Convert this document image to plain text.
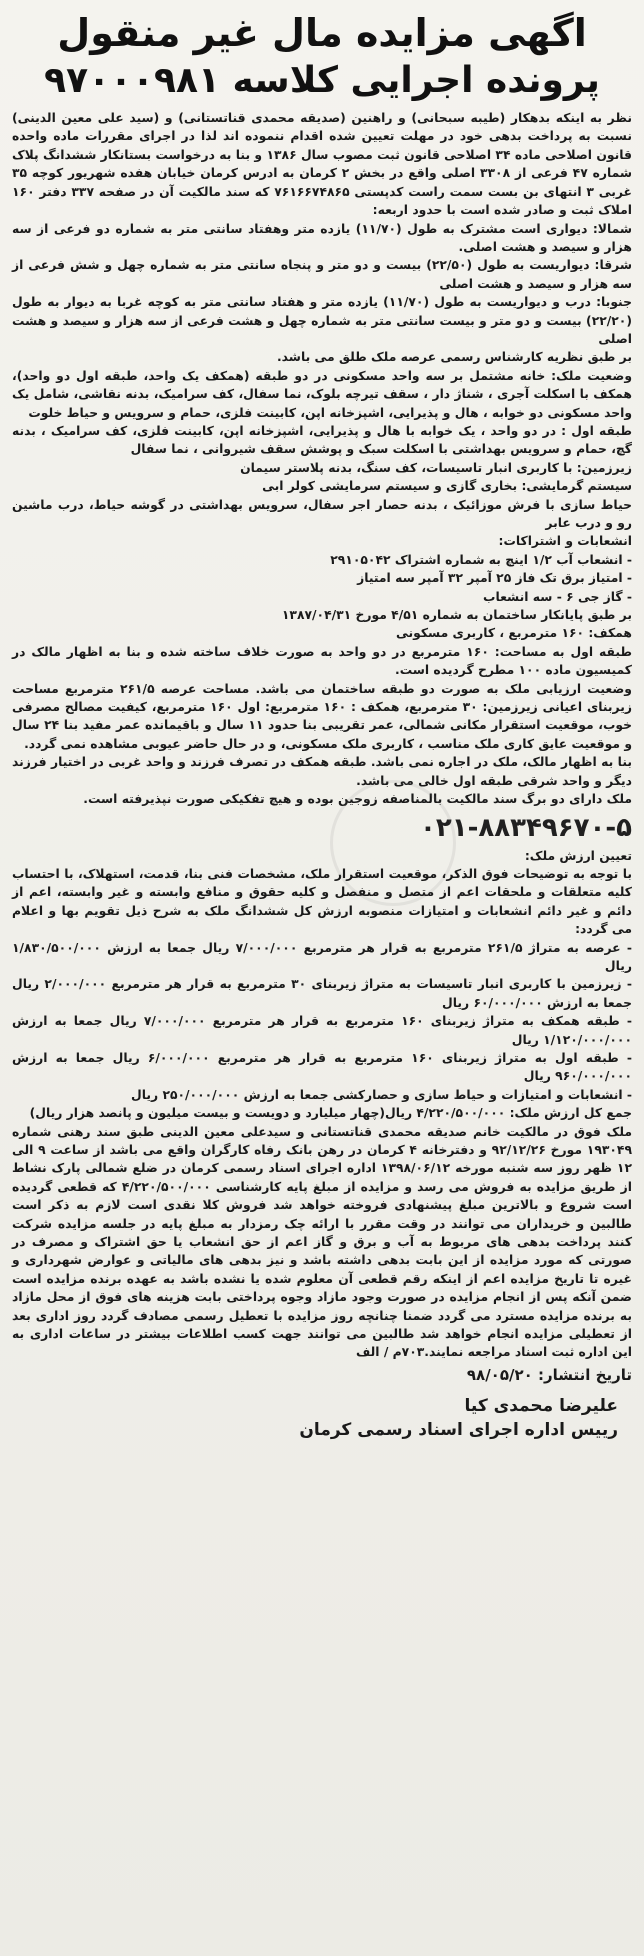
اگهی مزایده مال غیر منقول
پرونده اجرایی کلاسه ۹۷۰۰۰۹۸۱

نظر به اینکه بدهکار (طیبه سبحانی) و راهنین (صدیقه محمدی قناتستانی) و (سید علی معین الدینی) نسبت به پرداخت بدهی خود در مهلت تعیین شده اقدام ننموده اند لذا در اجرای مقررات ماده واحده قانون اصلاحی ماده ۳۴ اصلاحی قانون ثبت مصوب سال ۱۳۸۶ و بنا به درخواست بستانکار ششدانگ پلاک شماره ۴۷ فرعی از ۳۳۰۸ اصلی واقع در بخش ۲ کرمان به ادرس کرمان خیابان هفده شهریور کوچه ۳۵ غربی ۳ انتهای بن بست سمت راست کدپستی ۷۶۱۶۶۷۴۸۶۵ که سند مالکیت آن در صفحه ۳۳۷ دفتر ۱۶۰ املاک ثبت و صادر شده است با حدود اربعه:

شمالا: دیواری است مشترک به طول (۱۱/۷۰) یازده متر وهفتاد سانتی متر به شماره دو فرعی از سه هزار و سیصد و هشت اصلی.

شرقا: دیواریست به طول (۲۲/۵۰) بیست و دو متر و پنجاه سانتی متر به شماره چهل و شش فرعی از سه هزار و سیصد و هشت اصلی

جنوبا: درب و دیواریست به طول (۱۱/۷۰) یازده متر و هفتاد سانتی متر به کوچه غربا به دیوار به طول (۲۲/۲۰) بیست و دو متر و بیست سانتی متر به شماره چهل و هشت فرعی از سه هزار و سیصد و هشت اصلی

بر طبق نظریه کارشناس رسمی عرصه ملک طلق می باشد.

وضعیت ملک: خانه مشتمل بر سه واحد مسکونی در دو طبقه (همکف یک واحد، طبقه اول دو واحد)، همکف با اسکلت آجری ، شناژ دار ، سقف تیرچه بلوک، نما سفال، کف سرامیک، بدنه نقاشی، شامل یک واحد مسکونی دو خوابه ، هال و پذیرایی، اشپزخانه اپن، کابینت فلزی، حمام و سرویس و حیاط خلوت

طبقه اول : در دو واحد ، یک خوابه با هال و پذیرایی، اشپزخانه اپن، کابینت فلزی، کف سرامیک ، بدنه گچ، حمام و سرویس بهداشتی با اسکلت سبک و پوشش سقف شیروانی ، نما سفال

زیرزمین: با کاربری انبار تاسیسات، کف سنگ، بدنه پلاستر سیمان

سیستم گرمایشی: بخاری گازی و سیستم سرمایشی کولر ابی

حیاط سازی با فرش موزائیک ، بدنه حصار اجر سفال، سرویس بهداشتی در گوشه حیاط، درب ماشین رو و درب عابر

انشعابات و اشتراکات:

- انشعاب آب ۱/۲ اینچ به شماره اشتراک ۲۹۱۰۵۰۴۲

- امتیاز برق تک فاز ۲۵ آمپر ۳۲ آمپر سه امتیاز

- گاز جی ۶ - سه انشعاب

بر طبق پایانکار ساختمان به شماره ۴/۵۱ مورخ ۱۳۸۷/۰۴/۳۱

همکف: ۱۶۰ مترمربع ، کاربری مسکونی

طبقه اول به مساحت: ۱۶۰ مترمربع در دو واحد به صورت خلاف ساخته شده و بنا به اظهار مالک در کمیسیون ماده ۱۰۰ مطرح گردیده است.

وضعیت ارزیابی ملک به صورت دو طبقه ساختمان می باشد. مساحت عرصه ۲۶۱/۵ مترمربع مساحت زیربنای اعیانی زیرزمین: ۳۰ مترمربع، همکف : ۱۶۰ مترمربع: اول ۱۶۰ مترمربع، کیفیت مصالح مصرفی خوب، موقعیت استقرار مکانی شمالی، عمر تقریبی بنا حدود ۱۱ سال و باقیمانده عمر مفید بنا ۲۴ سال و موقعیت عایق کاری ملک مناسب ، کاربری ملک مسکونی، و در حال حاضر عیوبی مشاهده نمی گردد.

بنا به اظهار مالک، ملک در اجاره نمی باشد. طبقه همکف در تصرف فرزند و واحد غربی در اختیار فرزند دیگر و واحد شرقی طبقه اول خالی می باشد.

ملک دارای دو برگ سند مالکیت بالمناصفه زوجین بوده و هیچ تفکیکی صورت نپذیرفته است.

۰۲۱-۸۸۳۴۹۶۷۰-۵

تعیین ارزش ملک:

با توجه به توضیحات فوق الذکر، موقعیت استقرار ملک، مشخصات فنی بنا، قدمت، استهلاک، با احتساب کلیه متعلقات و ملحقات اعم از متصل و منفصل و کلیه حقوق و منافع وابسته و غیر وابسته، اعم از دائم و غیر دائم انشعابات و امتیازات منصوبه ارزش کل ششدانگ ملک به شرح ذیل تقویم بها و اعلام می گردد:

- عرصه به متراژ ۲۶۱/۵ مترمربع به قرار هر مترمربع ۷/۰۰۰/۰۰۰ ریال جمعا به ارزش ۱/۸۳۰/۵۰۰/۰۰۰ ریال

- زیرزمین با کاربری انبار تاسیسات به متراژ زیربنای ۳۰ مترمربع به قرار هر مترمربع ۲/۰۰۰/۰۰۰ ریال جمعا به ارزش ۶۰/۰۰۰/۰۰۰ ریال

- طبقه همکف به متراژ زیربنای ۱۶۰ مترمربع به قرار هر مترمربع ۷/۰۰۰/۰۰۰ ریال جمعا به ارزش ۱/۱۲۰/۰۰۰/۰۰۰ ریال

- طبقه اول به متراژ زیربنای ۱۶۰ مترمربع به قرار هر مترمربع ۶/۰۰۰/۰۰۰ ریال جمعا به ارزش ۹۶۰/۰۰۰/۰۰۰ ریال

- انشعابات و امتیازات و حیاط سازی و حصارکشی جمعا به ارزش ۲۵۰/۰۰۰/۰۰۰ ریال

جمع کل ارزش ملک: ۴/۲۲۰/۵۰۰/۰۰۰ ریال(چهار میلیارد و دویست و بیست میلیون و پانصد هزار ریال)

ملک فوق در مالکیت خانم صدیقه محمدی قناتستانی و سیدعلی معین الدینی طبق سند رهنی شماره ۱۹۳۰۴۹ مورخ ۹۲/۱۲/۲۶ و دفترخانه ۴ کرمان در رهن بانک رفاه کارگران واقع می باشد از ساعت ۹ الی ۱۲ ظهر روز سه شنبه مورخه ۱۳۹۸/۰۶/۱۲ اداره اجرای اسناد رسمی کرمان در ضلع شمالی پارک نشاط از طریق مزایده به فروش می رسد و مزایده از مبلغ پایه کارشناسی ۴/۲۲۰/۵۰۰/۰۰۰ که قطعی گردیده است شروع و بالاترین مبلغ پیشنهادی فروخته خواهد شد فروش کلا نقدی است لازم به ذکر است طالبین و خریداران می توانند در وقت مقرر با ارائه چک رمزدار به مبلغ پایه در جلسه مزایده شرکت کنند پرداخت بدهی های مربوط به آب و برق و گاز اعم از حق انشعاب یا حق اشتراک و مصرف در صورتی که مورد مزایده از این بابت بدهی داشته باشد و نیز بدهی های مالیاتی و عوارض شهرداری و غیره تا تاریخ مزایده اعم از اینکه رقم قطعی آن معلوم شده یا نشده باشد به عهده برنده مزایده است ضمن آنکه پس از انجام مزایده در صورت وجود مازاد وجوه پرداختی بابت هزینه های فوق از محل مازاد به برنده مزایده مسترد می گردد ضمنا چنانچه روز مزایده با تعطیل رسمی مصادف گردد روز اداری بعد از تعطیلی مزایده انجام خواهد شد طالبین می توانند جهت کسب اطلاعات بیشتر در ساعات اداری به این اداره ثبت اسناد مراجعه نمایند.۷۰۳م / الف

تاریخ انتشار: ۹۸/۰۵/۲۰
علیرضا محمدی کیا
رییس اداره اجرای اسناد رسمی کرمان
